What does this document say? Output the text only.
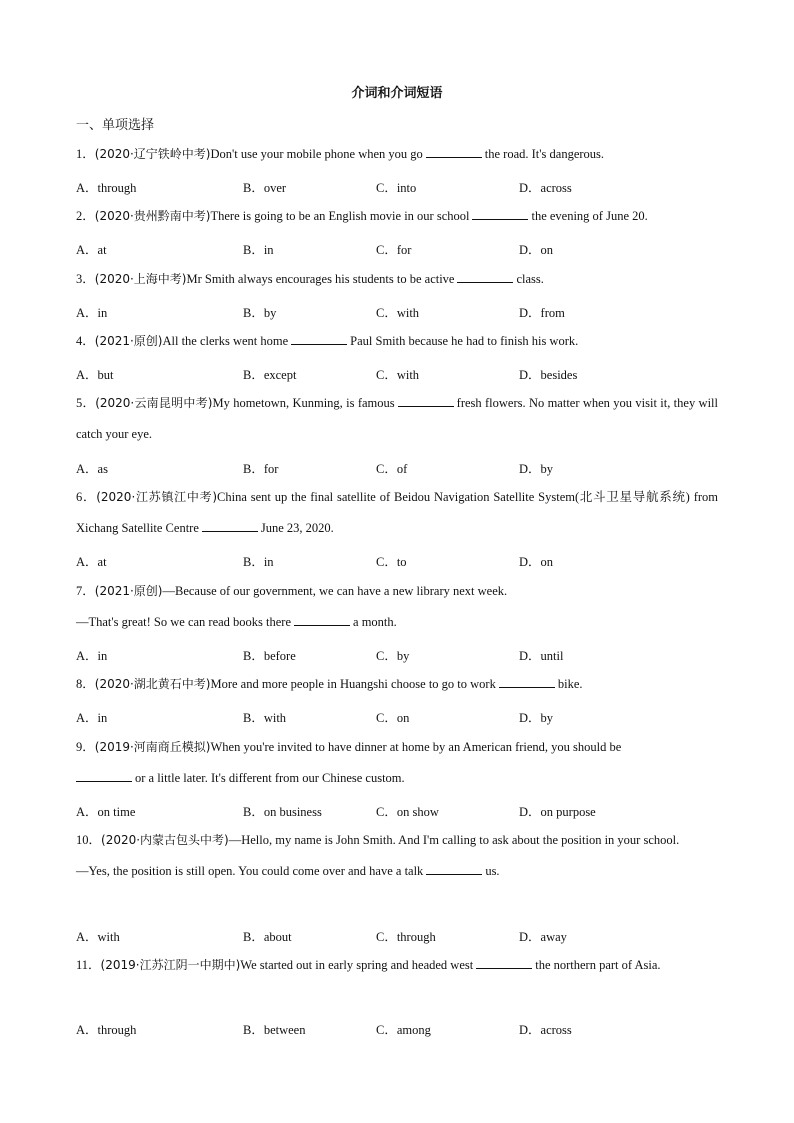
介词和介词短语
一、单项选择
1．(2020·辽宁铁岭中考)Don't use your mobile phone when you go	the road. It's dangerous.
A．through	B．over	C．into	D．across
2．(2020·贵州黔南中考)There is going to be an English movie in our school	the evening of June 20.
A．at	B．in	C．for	D．on
3．(2020·上海中考)Mr Smith always encourages his students to be active	class.
A．in	B．by	C．with	D．from
4．(2021·原创)All the clerks went home	Paul Smith because he had to finish his work.
A．but	B．except	C．with	D．besides
5．(2020·云南昆明中考)My hometown, Kunming, is famous	fresh flowers. No matter when you visit it, they will catch your eye.
A．as	B．for	C．of	D．by
6．(2020·江苏镇江中考)China sent up the final satellite of Beidou Navigation Satellite System(北斗卫星导航系统) from Xichang Satellite Centre	June 23, 2020.
A．at	B．in	C．to	D．on
7．(2021·原创)—Because of our government, we can have a new library next week.
—That's great! So we can read books there	a month.
A．in	B．before	C．by	D．until
8．(2020·湖北黄石中考)More and more people in Huangshi choose to go to work	bike.
A．in	B．with	C．on	D．by
9．(2019·河南商丘模拟)When you're invited to have dinner at home by an American friend, you should be
or a little later. It's different from our Chinese custom.
A．on time	B．on business	C．on show	D．on purpose
10．(2020·内蒙古包头中考)—Hello, my name is John Smith. And I'm calling to ask about the position in your school.
—Yes, the position is still open. You could come over and have a talk	us.
A．with	B．about	C．through	D．away
11．(2019·江苏江阴一中期中)We started out in early spring and headed west	the northern part of Asia.
A．through	B．between	C．among	D．across
